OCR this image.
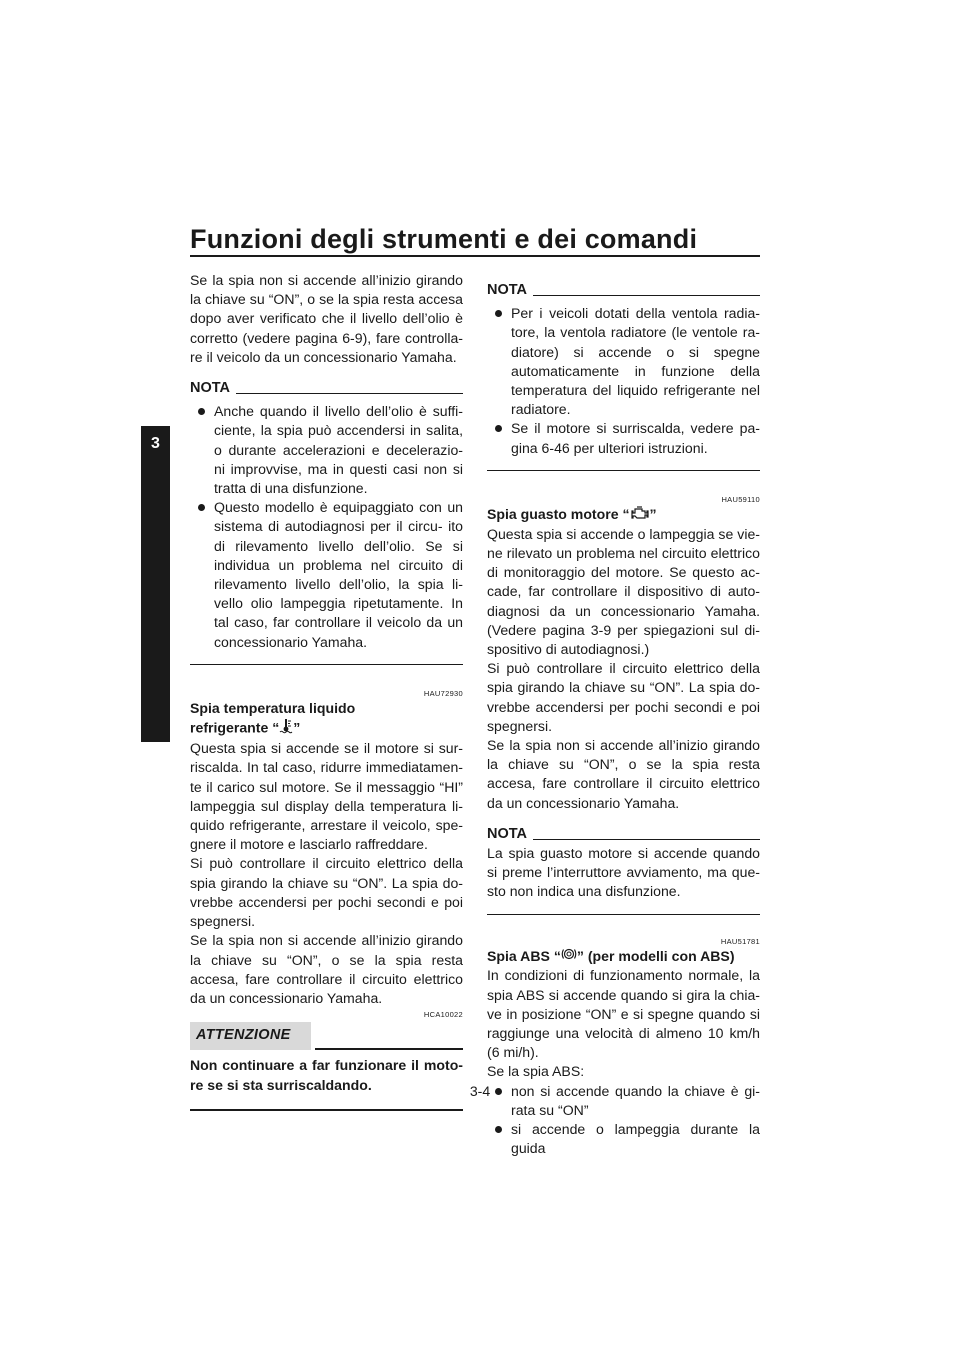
Funzioni degli strumenti e dei comandi
3

Se la spia non si accende all’inizio girando la chiave su “ON”, o se la spia resta accesa dopo aver verificato che il livello dell’olio è corretto (vedere pagina 6-9), fare controlla- re il veicolo da un concessionario Yamaha.

NOTA
Anche quando il livello dell’olio è suffi- ciente, la spia può accendersi in salita, o durante accelerazioni e decelerazio- ni improvvise, ma in questi casi non si tratta di una disfunzione.
Questo modello è equipaggiato con un sistema di autodiagnosi per il circu- ito di rilevamento livello dell’olio. Se si individua un problema nel circuito di rilevamento livello dell’olio, la spia li- vello olio lampeggia ripetutamente. In tal caso, far controllare il veicolo da un concessionario Yamaha.
HAU72930
Spia temperatura liquido
refrigerante “ ”

Questa spia si accende se il motore si sur- riscalda. In tal caso, ridurre immediatamen- te il carico sul motore. Se il messaggio “HI” lampeggia sul display della temperatura li- quido refrigerante, arrestare il veicolo, spe- gnere il motore e lasciarlo raffreddare.

Si può controllare il circuito elettrico della spia girando la chiave su “ON”. La spia do- vrebbe accendersi per pochi secondi e poi spegnersi.

Se la spia non si accende all’inizio girando la chiave su “ON”, o se la spia resta accesa, fare controllare il circuito elettrico da un concessionario Yamaha.

HCA10022
ATTENZIONE

Non continuare a far funzionare il moto- re se si sta surriscaldando.

NOTA
Per i veicoli dotati della ventola radia- tore, la ventola radiatore (le ventole ra- diatore) si accende o si spegne automaticamente in funzione della temperatura del liquido refrigerante nel radiatore.
Se il motore si surriscalda, vedere pa- gina 6-46 per ulteriori istruzioni.
HAU59110
Spia guasto motore “ ”

Questa spia si accende o lampeggia se vie- ne rilevato un problema nel circuito elettrico di monitoraggio del motore. Se questo ac- cade, far controllare il dispositivo di auto- diagnosi da un concessionario Yamaha. (Vedere pagina 3-9 per spiegazioni sul di- spositivo di autodiagnosi.)

Si può controllare il circuito elettrico della spia girando la chiave su “ON”. La spia do- vrebbe accendersi per pochi secondi e poi spegnersi.

Se la spia non si accende all’inizio girando la chiave su “ON”, o se la spia resta accesa, fare controllare il circuito elettrico da un concessionario Yamaha.

NOTA

La spia guasto motore si accende quando si preme l’interruttore avviamento, ma que- sto non indica una disfunzione.

HAU51781
Spia ABS “ ” (per modelli con ABS)

In condizioni di funzionamento normale, la spia ABS si accende quando si gira la chia- ve in posizione “ON” e si spegne quando si raggiunge una velocità di almeno 10 km/h (6 mi/h).

Se la spia ABS:

non si accende quando la chiave è gi- rata su “ON”
si accende o lampeggia durante la guida
3-4
